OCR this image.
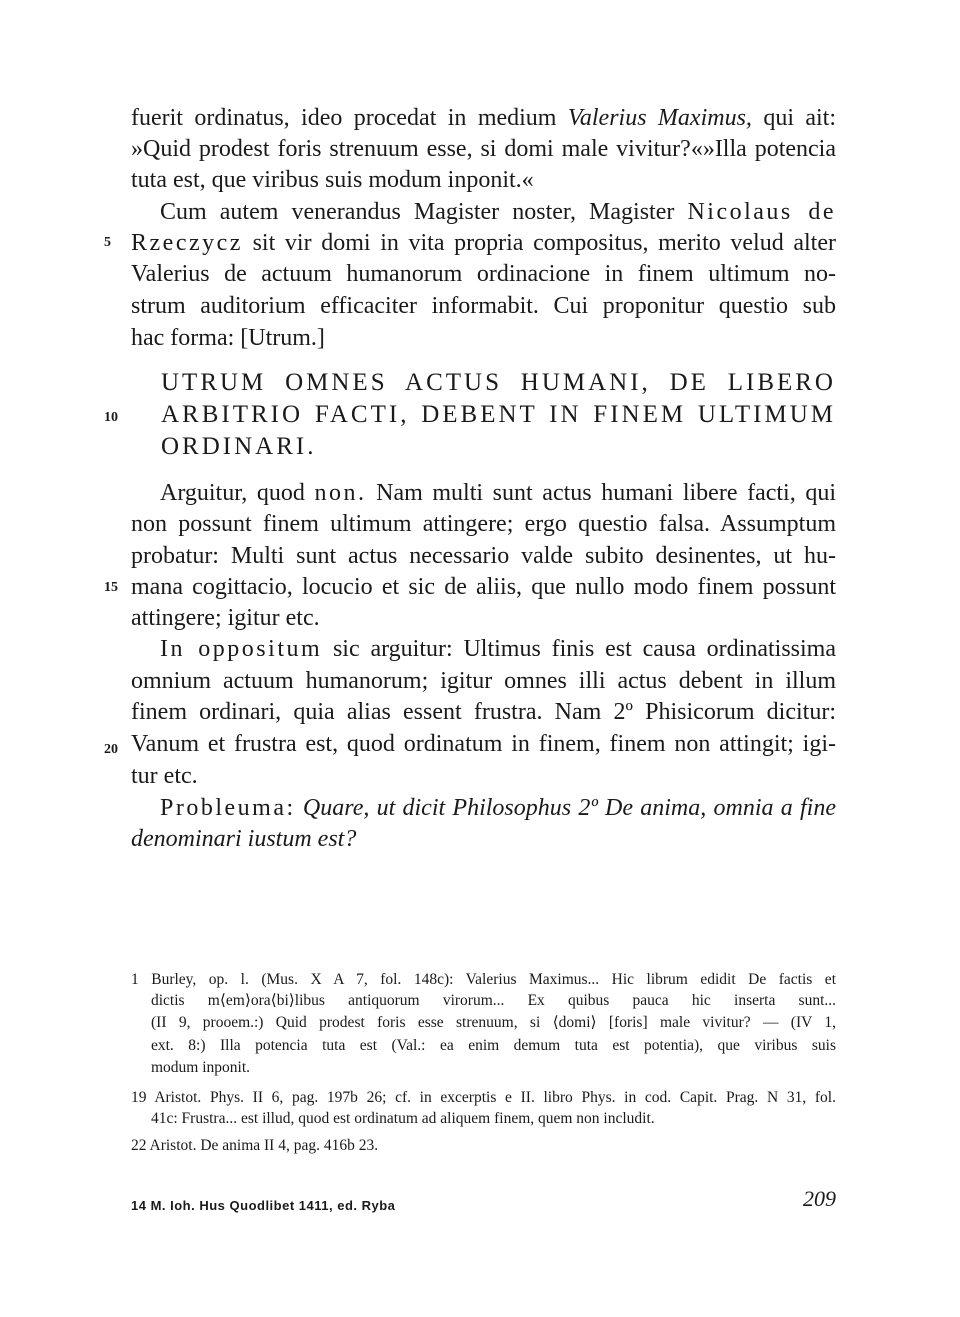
fuerit ordinatus, ideo procedat in medium Valerius Maximus, qui ait:
»Quid prodest foris strenuum esse, si domi male vivitur?«»Illa potencia
tuta est, que viribus suis modum inponit.«
Cum autem venerandus Magister noster, Magister Nicolaus de
5 Rzeczycz sit vir domi in vita propria compositus, merito velud alter
Valerius de actuum humanorum ordinacione in finem ultimum no-
strum auditorium efficaciter informabit. Cui proponitur questio sub
hac forma: [Utrum.]
UTRUM OMNES ACTUS HUMANI, DE LIBERO
10 ARBITRIO FACTI, DEBENT IN FINEM ULTIMUM
ORDINARI.
Arguitur, quod non. Nam multi sunt actus humani libere facti, qui
non possunt finem ultimum attingere; ergo questio falsa. Assumptum
probatur: Multi sunt actus necessario valde subito desinentes, ut hu-
15 mana cogittacio, locucio et sic de aliis, que nullo modo finem possunt
attingere; igitur etc.
In oppositum sic arguitur: Ultimus finis est causa ordinatissima
omnium actuum humanorum; igitur omnes illi actus debent in illum
finem ordinari, quia alias essent frustra. Nam 2º Phisicorum dicitur:
20 Vanum et frustra est, quod ordinatum in finem, finem non attingit; igi-
tur etc.
Probleuma: Quare, ut dicit Philosophus 2º De anima, omnia a fine
denominari iustum est?
1 Burley, op. l. (Mus. X A 7, fol. 148c): Valerius Maximus... Hic librum edidit De factis et
dictis m⟨em⟩ora⟨bi⟩libus antiquorum virorum... Ex quibus pauca hic inserta sunt...
(II 9, prooem.:) Quid prodest foris esse strenuum, si ⟨domi⟩ [foris] male vivitur? — (IV 1,
ext. 8:) Illa potencia tuta est (Val.: ea enim demum tuta est potentia), que viribus suis
modum inponit.
19 Aristot. Phys. II 6, pag. 197b 26; cf. in excerptis e II. libro Phys. in cod. Capit. Prag. N 31, fol.
41c: Frustra... est illud, quod est ordinatum ad aliquem finem, quem non includit.
22 Aristot. De anima II 4, pag. 416b 23.
14 M. Ioh. Hus Quodlibet 1411, ed. Ryba	209
